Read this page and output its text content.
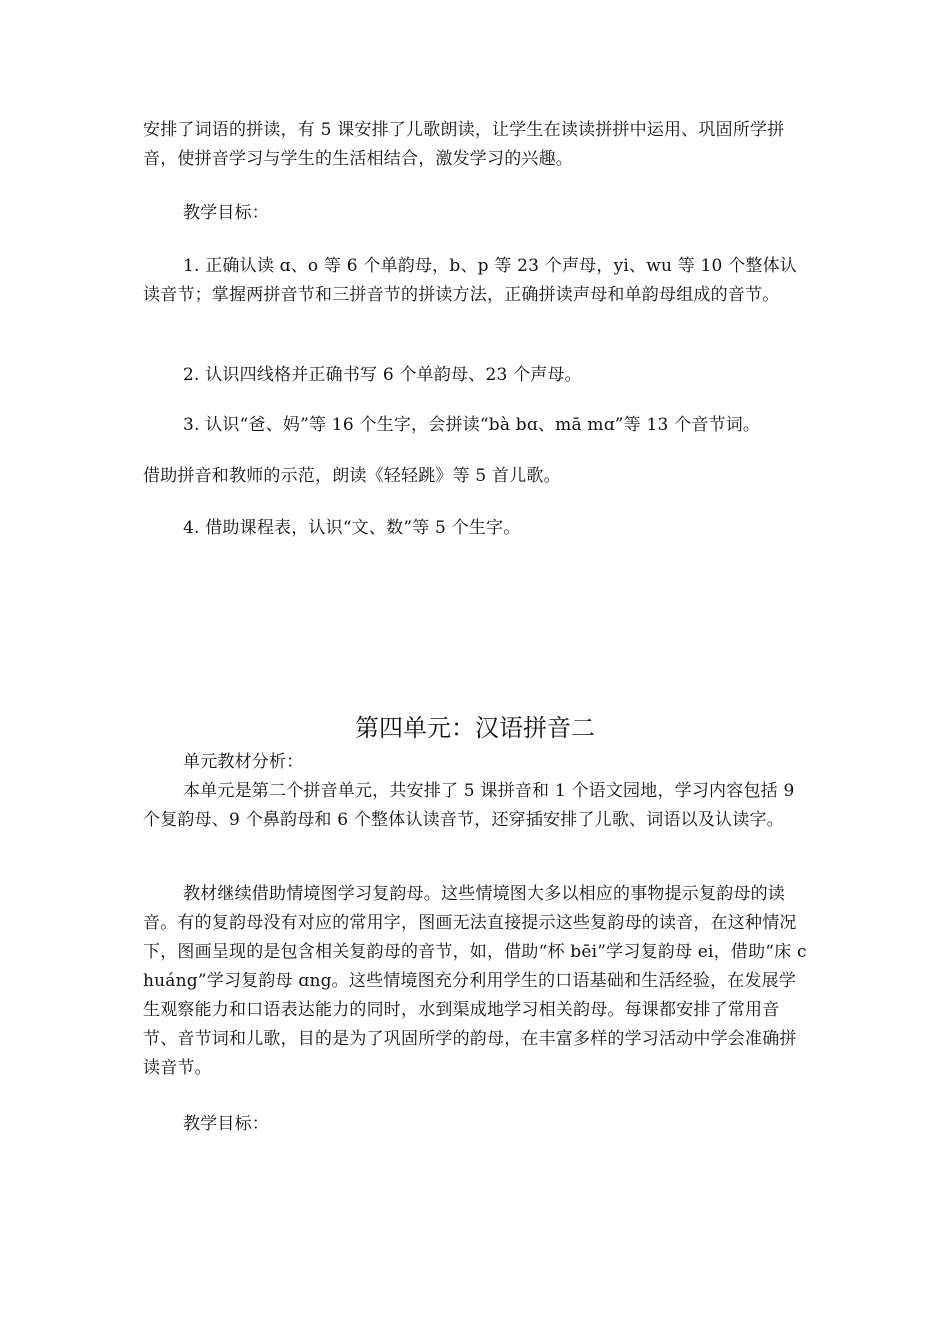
安排了词语的拼读，有 5 课安排了儿歌朗读，让学生在读读拼拼中运用、巩固所学拼音，使拼音学习与学生的生活相结合，激发学习的兴趣。

教学目标：

1. 正确认读 ɑ、o 等 6 个单韵母，b、p 等 23 个声母，yi、wu 等 10 个整体认读音节；掌握两拼音节和三拼音节的拼读方法，正确拼读声母和单韵母组成的音节。

2. 认识四线格并正确书写 6 个单韵母、23 个声母。

3. 认识“爸、妈”等 16 个生字，会拼读“bà bɑ、mā mɑ”等 13 个音节词。

借助拼音和教师的示范，朗读《轻轻跳》等 5 首儿歌。

4. 借助课程表，认识“文、数”等 5 个生字。

第四单元：汉语拼音二

单元教材分析：

本单元是第二个拼音单元，共安排了 5 课拼音和 1 个语文园地，学习内容包括 9 个复韵母、9 个鼻韵母和 6 个整体认读音节，还穿插安排了儿歌、词语以及认读字。

教材继续借助情境图学习复韵母。这些情境图大多以相应的事物提示复韵母的读音。有的复韵母没有对应的常用字，图画无法直接提示这些复韵母的读音，在这种情况下，图画呈现的是包含相关复韵母的音节，如，借助“杯 bēi”学习复韵母 ei，借助“床 chuáng”学习复韵母 ɑng。这些情境图充分利用学生的口语基础和生活经验，在发展学生观察能力和口语表达能力的同时，水到渠成地学习相关韵母。每课都安排了常用音节、音节词和儿歌，目的是为了巩固所学的韵母，在丰富多样的学习活动中学会准确拼读音节。

教学目标：
